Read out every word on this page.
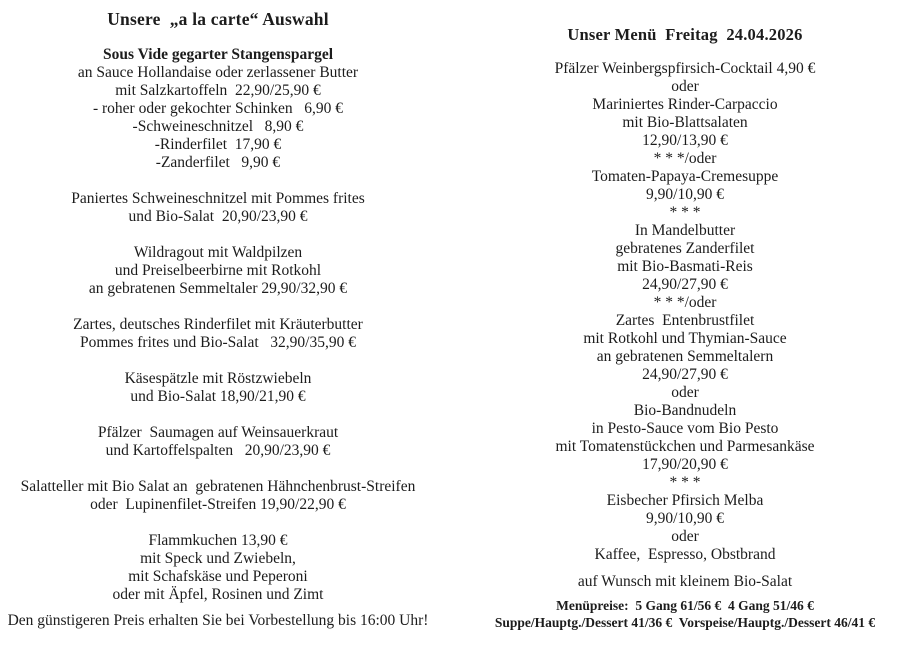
Unsere  „a la carte“ Auswahl

Sous Vide gegarter Stangenspargel

an Sauce Hollandaise oder zerlassener Butter

mit Salzkartoffeln  22,90/25,90 €

- roher oder gekochter Schinken   6,90 €

-Schweineschnitzel   8,90 €

-Rinderfilet  17,90 €

-Zanderfilet   9,90 €

Paniertes Schweineschnitzel mit Pommes frites

und Bio-Salat  20,90/23,90 €

Wildragout mit Waldpilzen

und Preiselbeerbirne mit Rotkohl

an gebratenen Semmeltaler 29,90/32,90 €

Zartes, deutsches Rinderfilet mit Kräuterbutter

Pommes frites und Bio-Salat   32,90/35,90 €

Käsespätzle mit Röstzwiebeln

und Bio-Salat 18,90/21,90 €

Pfälzer  Saumagen auf Weinsauerkraut

und Kartoffelspalten   20,90/23,90 €

Salatteller mit Bio Salat an  gebratenen Hähnchenbrust-Streifen

oder  Lupinenfilet-Streifen 19,90/22,90 €

Flammkuchen 13,90 €

mit Speck und Zwiebeln,

mit Schafskäse und Peperoni

oder mit Äpfel, Rosinen und Zimt

Den günstigeren Preis erhalten Sie bei Vorbestellung bis 16:00 Uhr!

Unser Menü  Freitag  24.04.2026

Pfälzer Weinbergspfirsich-Cocktail 4,90 €

oder

Mariniertes Rinder-Carpaccio

mit Bio-Blattsalaten

12,90/13,90 €

* * */oder

Tomaten-Papaya-Cremesuppe

9,90/10,90 €

* * *

In Mandelbutter

gebratenes Zanderfilet

mit Bio-Basmati-Reis

24,90/27,90 €

* * */oder

Zartes  Entenbrustfilet

mit Rotkohl und Thymian-Sauce

an gebratenen Semmeltalern

24,90/27,90 €

oder

Bio-Bandnudeln

in Pesto-Sauce vom Bio Pesto

mit Tomatenstückchen und Parmesankäse

17,90/20,90 €

* * *

Eisbecher Pfirsich Melba

9,90/10,90 €

oder

Kaffee,  Espresso, Obstbrand

auf Wunsch mit kleinem Bio-Salat

Menüpreise:  5 Gang 61/56 €  4 Gang 51/46 €

Suppe/Hauptg./Dessert 41/36 €  Vorspeise/Hauptg./Dessert 46/41 €
